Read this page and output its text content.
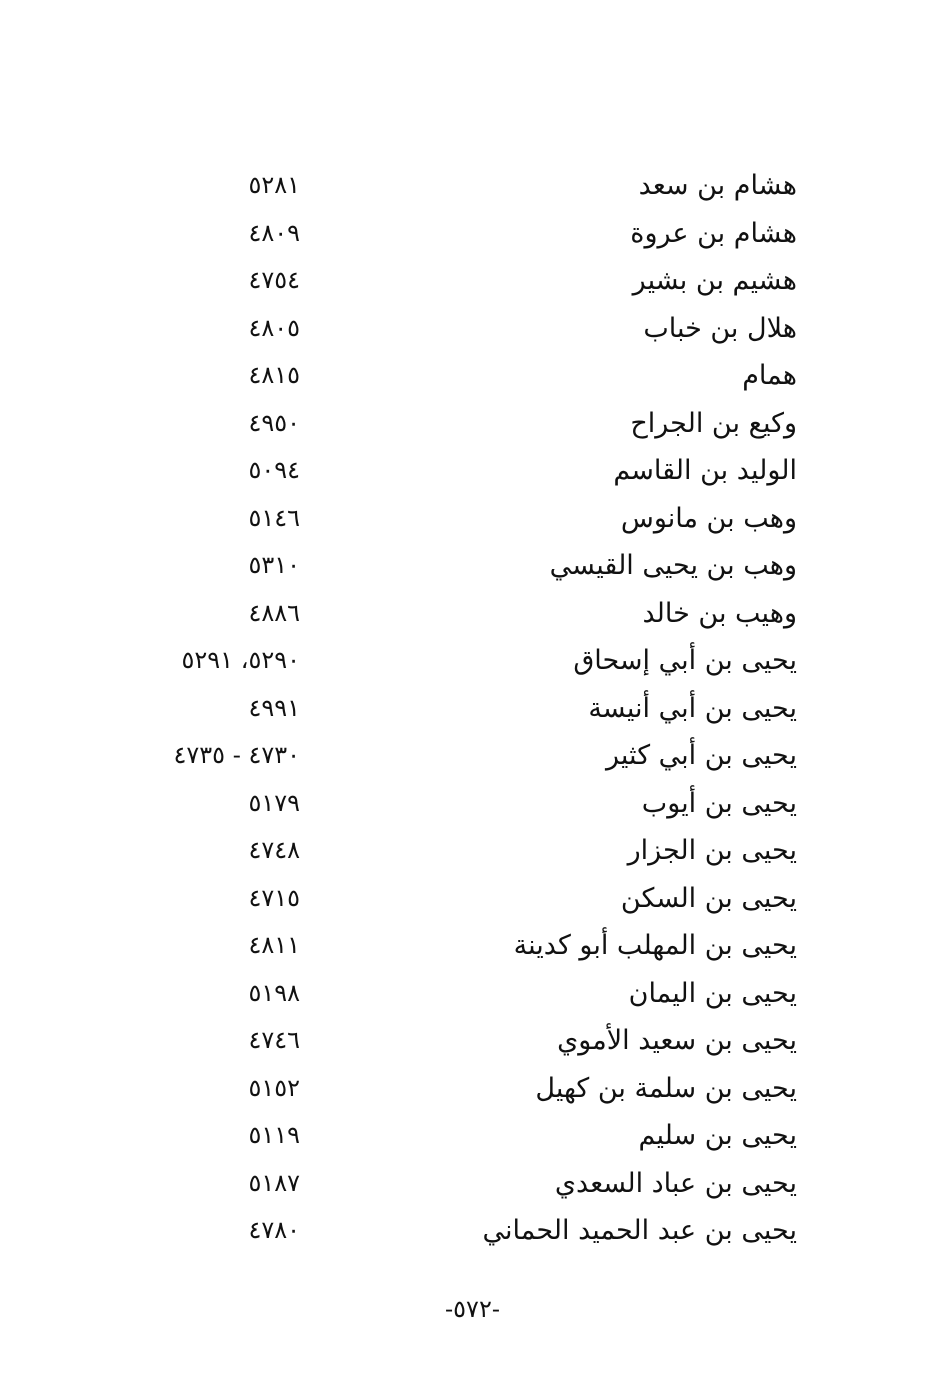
هشام بن سعد
٥٢٨١
هشام بن عروة
٤٨٠٩
هشيم بن بشير
٤٧٥٤
هلال بن خباب
٤٨٠٥
همام
٤٨١٥
وكيع بن الجراح
٤٩٥٠
الوليد بن القاسم
٥٠٩٤
وهب بن مانوس
٥١٤٦
وهب بن يحيى القيسي
٥٣١٠
وهيب بن خالد
٤٨٨٦
يحيى بن أبي إسحاق
٥٢٩٠، ٥٢٩١
يحيى بن أبي أنيسة
٤٩٩١
يحيى بن أبي كثير
٤٧٣٠ - ٤٧٣٥
يحيى بن أيوب
٥١٧٩
يحيى بن الجزار
٤٧٤٨
يحيى بن السكن
٤٧١٥
يحيى بن المهلب أبو كدينة
٤٨١١
يحيى بن اليمان
٥١٩٨
يحيى بن سعيد الأموي
٤٧٤٦
يحيى بن سلمة بن كهيل
٥١٥٢
يحيى بن سليم
٥١١٩
يحيى بن عباد السعدي
٥١٨٧
يحيى بن عبد الحميد الحماني
٤٧٨٠
-٥٧٢-
